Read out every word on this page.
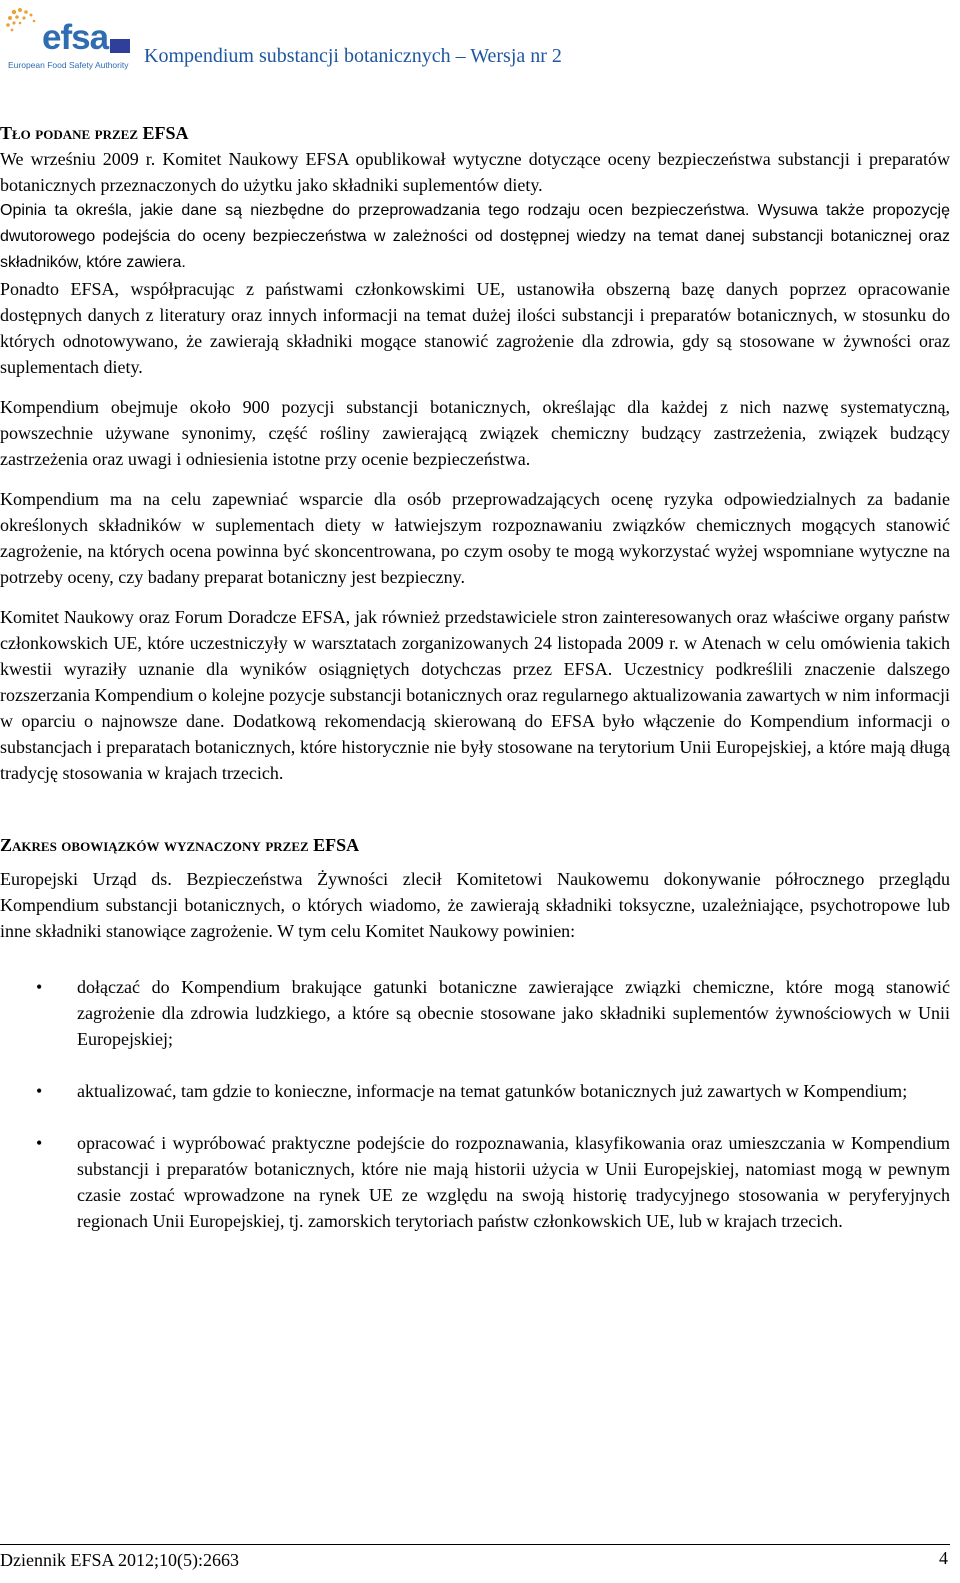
efsa
European Food Safety Authority Kompendium substancji botanicznych – Wersja nr 2
Tło podane przez EFSA

We wrześniu 2009 r. Komitet Naukowy EFSA opublikował wytyczne dotyczące oceny bezpieczeństwa substancji i preparatów botanicznych przeznaczonych do użytku jako składniki suplementów diety.

Opinia ta określa, jakie dane są niezbędne do przeprowadzania tego rodzaju ocen bezpieczeństwa. Wysuwa także propozycję dwutorowego podejścia do oceny bezpieczeństwa w zależności od dostępnej wiedzy na temat danej substancji botanicznej oraz składników, które zawiera.

Ponadto EFSA, współpracując z państwami członkowskimi UE, ustanowiła obszerną bazę danych poprzez opracowanie dostępnych danych z literatury oraz innych informacji na temat dużej ilości substancji i preparatów botanicznych, w stosunku do których odnotowywano, że zawierają składniki mogące stanowić zagrożenie dla zdrowia, gdy są stosowane w żywności oraz suplementach diety.

Kompendium obejmuje około 900 pozycji substancji botanicznych, określając dla każdej z nich nazwę systematyczną, powszechnie używane synonimy, część rośliny zawierającą związek chemiczny budzący zastrzeżenia, związek budzący zastrzeżenia oraz uwagi i odniesienia istotne przy ocenie bezpieczeństwa.

Kompendium ma na celu zapewniać wsparcie dla osób przeprowadzających ocenę ryzyka odpowiedzialnych za badanie określonych składników w suplementach diety w łatwiejszym rozpoznawaniu związków chemicznych mogących stanowić zagrożenie, na których ocena powinna być skoncentrowana, po czym osoby te mogą wykorzystać wyżej wspomniane wytyczne na potrzeby oceny, czy badany preparat botaniczny jest bezpieczny.

Komitet Naukowy oraz Forum Doradcze EFSA, jak również przedstawiciele stron zainteresowanych oraz właściwe organy państw członkowskich UE, które uczestniczyły w warsztatach zorganizowanych 24 listopada 2009 r. w Atenach w celu omówienia takich kwestii wyraziły uznanie dla wyników osiągniętych dotychczas przez EFSA. Uczestnicy podkreślili znaczenie dalszego rozszerzania Kompendium o kolejne pozycje substancji botanicznych oraz regularnego aktualizowania zawartych w nim informacji w oparciu o najnowsze dane. Dodatkową rekomendacją skierowaną do EFSA było włączenie do Kompendium informacji o substancjach i preparatach botanicznych, które historycznie nie były stosowane na terytorium Unii Europejskiej, a które mają długą tradycję stosowania w krajach trzecich.

Zakres obowiązków wyznaczony przez EFSA

Europejski Urząd ds. Bezpieczeństwa Żywności zlecił Komitetowi Naukowemu dokonywanie półrocznego przeglądu Kompendium substancji botanicznych, o których wiadomo, że zawierają składniki toksyczne, uzależniające, psychotropowe lub inne składniki stanowiące zagrożenie. W tym celu Komitet Naukowy powinien:

• dołączać do Kompendium brakujące gatunki botaniczne zawierające związki chemiczne, które mogą stanowić zagrożenie dla zdrowia ludzkiego, a które są obecnie stosowane jako składniki suplementów żywnościowych w Unii Europejskiej;
• aktualizować, tam gdzie to konieczne, informacje na temat gatunków botanicznych już zawartych w Kompendium;
• opracować i wypróbować praktyczne podejście do rozpoznawania, klasyfikowania oraz umieszczania w Kompendium substancji i preparatów botanicznych, które nie mają historii użycia w Unii Europejskiej, natomiast mogą w pewnym czasie zostać wprowadzone na rynek UE ze względu na swoją historię tradycyjnego stosowania w peryferyjnych regionach Unii Europejskiej, tj. zamorskich terytoriach państw członkowskich UE, lub w krajach trzecich.
Dziennik EFSA 2012;10(5):2663	4
